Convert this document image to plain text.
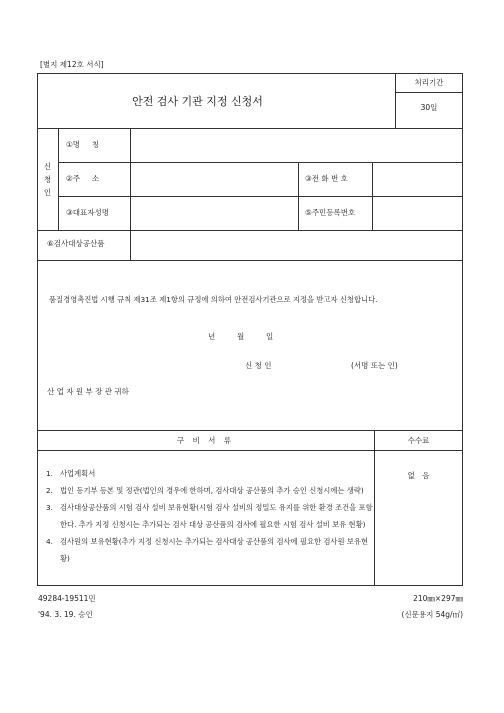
[별지 제12호 서식]
안전 검사 기관 지정 신청서
처리기간
30일
신
청
인
①명     칭
②주     소	③전 화 번 호
③대표자성명	⑤주민등록번호
⑥검사대상공산품
품질경영촉진법 시행 규칙 제31조 제1항의 규정에 의하여 안전검사기관으로 지정을 받고자 신청합니다.
년	월	일
신 청 인	(서명 또는 인)
산 업 자 원 부 장 관 귀하
구 비 서 류	수수료
없   음
1. 사업계획서
2. 법인 등기부 등본 및 정관(법인의 경우에 한하며, 검사대상 공산품의 추가 승인 신청시에는 생략)
3. 검사대상공산품의 시험 검사 설비 보유현황(시험 검사 설비의 정밀도 유지를 위한 환경 조건을 포함한다. 추가 지정 신청시는 추가되는 검사 대상 공산품의 검사에 필요한 시험 검사 설비 보유 현황)
4. 검사원의 보유현황(추가 지정 신청시는 추가되는 검사대상 공산품의 검사에 필요한 검사원 보유현황)
49284-19511민
'94. 3. 19. 승인
210㎜×297㎜
(신문용지 54g/㎡)
